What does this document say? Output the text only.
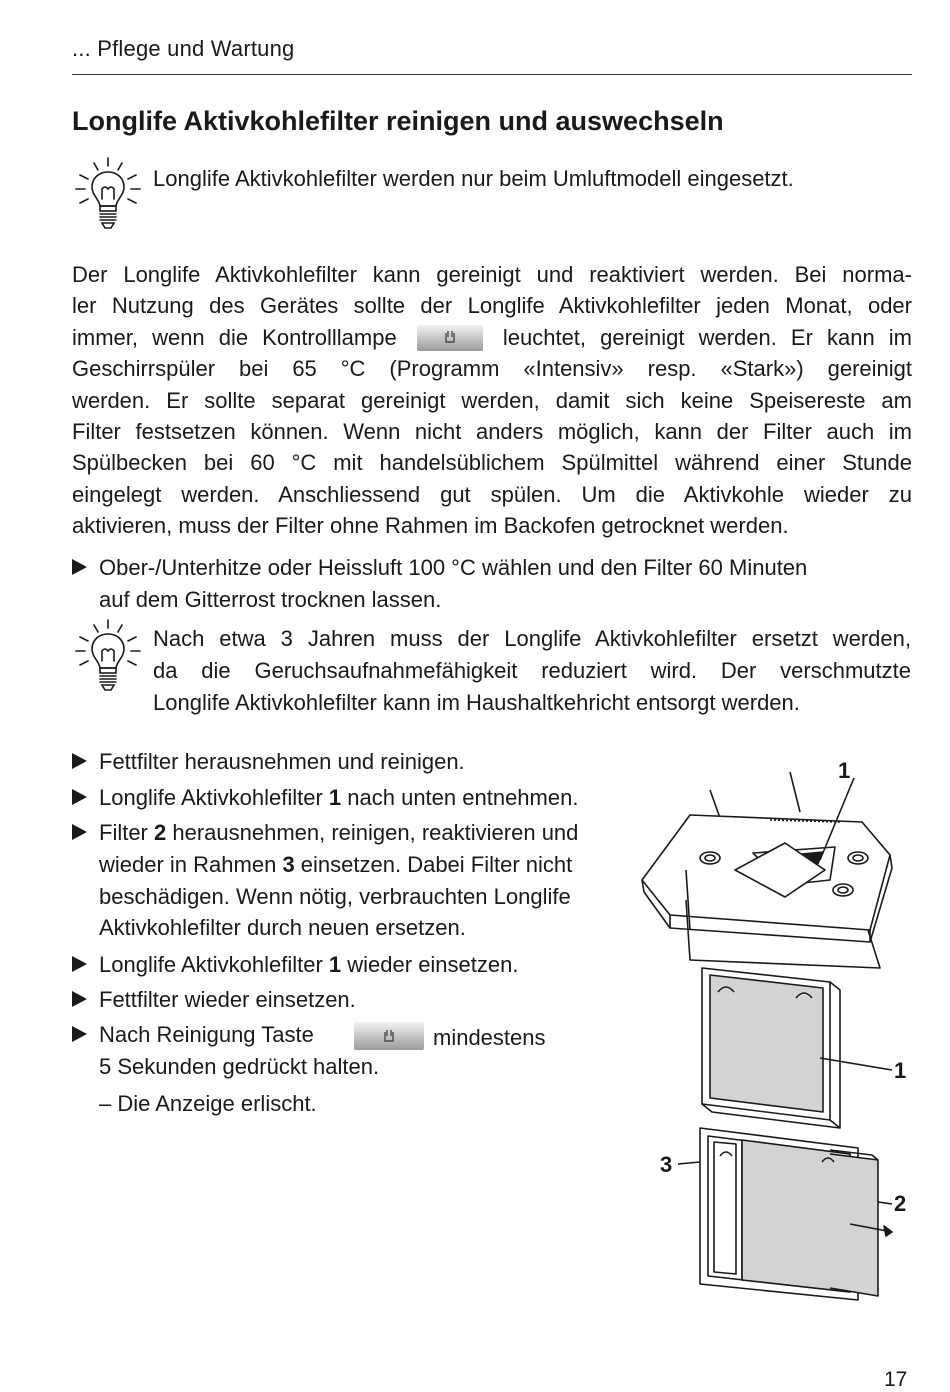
... Pflege und Wartung
Longlife Aktivkohlefilter reinigen und auswechseln
Longlife Aktivkohlefilter werden nur beim Umluftmodell eingesetzt.
Der Longlife Aktivkohlefilter kann gereinigt und reaktiviert werden. Bei norma-
ler Nutzung des Gerätes sollte der Longlife Aktivkohlefilter jeden Monat, oder
immer, wenn die Kontrolllampe	leuchtet, gereinigt werden. Er kann im
Geschirrspüler bei 65 °C (Programm «Intensiv» resp. «Stark») gereinigt
werden. Er sollte separat gereinigt werden, damit sich keine Speisereste am
Filter festsetzen können. Wenn nicht anders möglich, kann der Filter auch im
Spülbecken bei 60 °C mit handelsüblichem Spülmittel während einer Stunde
eingelegt werden. Anschliessend gut spülen. Um die Aktivkohle wieder zu
aktivieren, muss der Filter ohne Rahmen im Backofen getrocknet werden.
Ober-/Unterhitze oder Heissluft 100 °C wählen und den Filter 60 Minuten
auf dem Gitterrost trocknen lassen.
Nach etwa 3 Jahren muss der Longlife Aktivkohlefilter ersetzt werden,
da die Geruchsaufnahmefähigkeit reduziert wird. Der verschmutzte
Longlife Aktivkohlefilter kann im Haushaltkehricht entsorgt werden.
Fettfilter herausnehmen und reinigen.
Longlife Aktivkohlefilter 1 nach unten entnehmen.
Filter 2 herausnehmen, reinigen, reaktivieren und
wieder in Rahmen 3 einsetzen. Dabei Filter nicht
beschädigen. Wenn nötig, verbrauchten Longlife
Aktivkohlefilter durch neuen ersetzen.
Longlife Aktivkohlefilter 1 wieder einsetzen.
Fettfilter wieder einsetzen.
Nach Reinigung Taste	mindestens
5 Sekunden gedrückt halten.
– Die Anzeige erlischt.
1
1
3
2
17
